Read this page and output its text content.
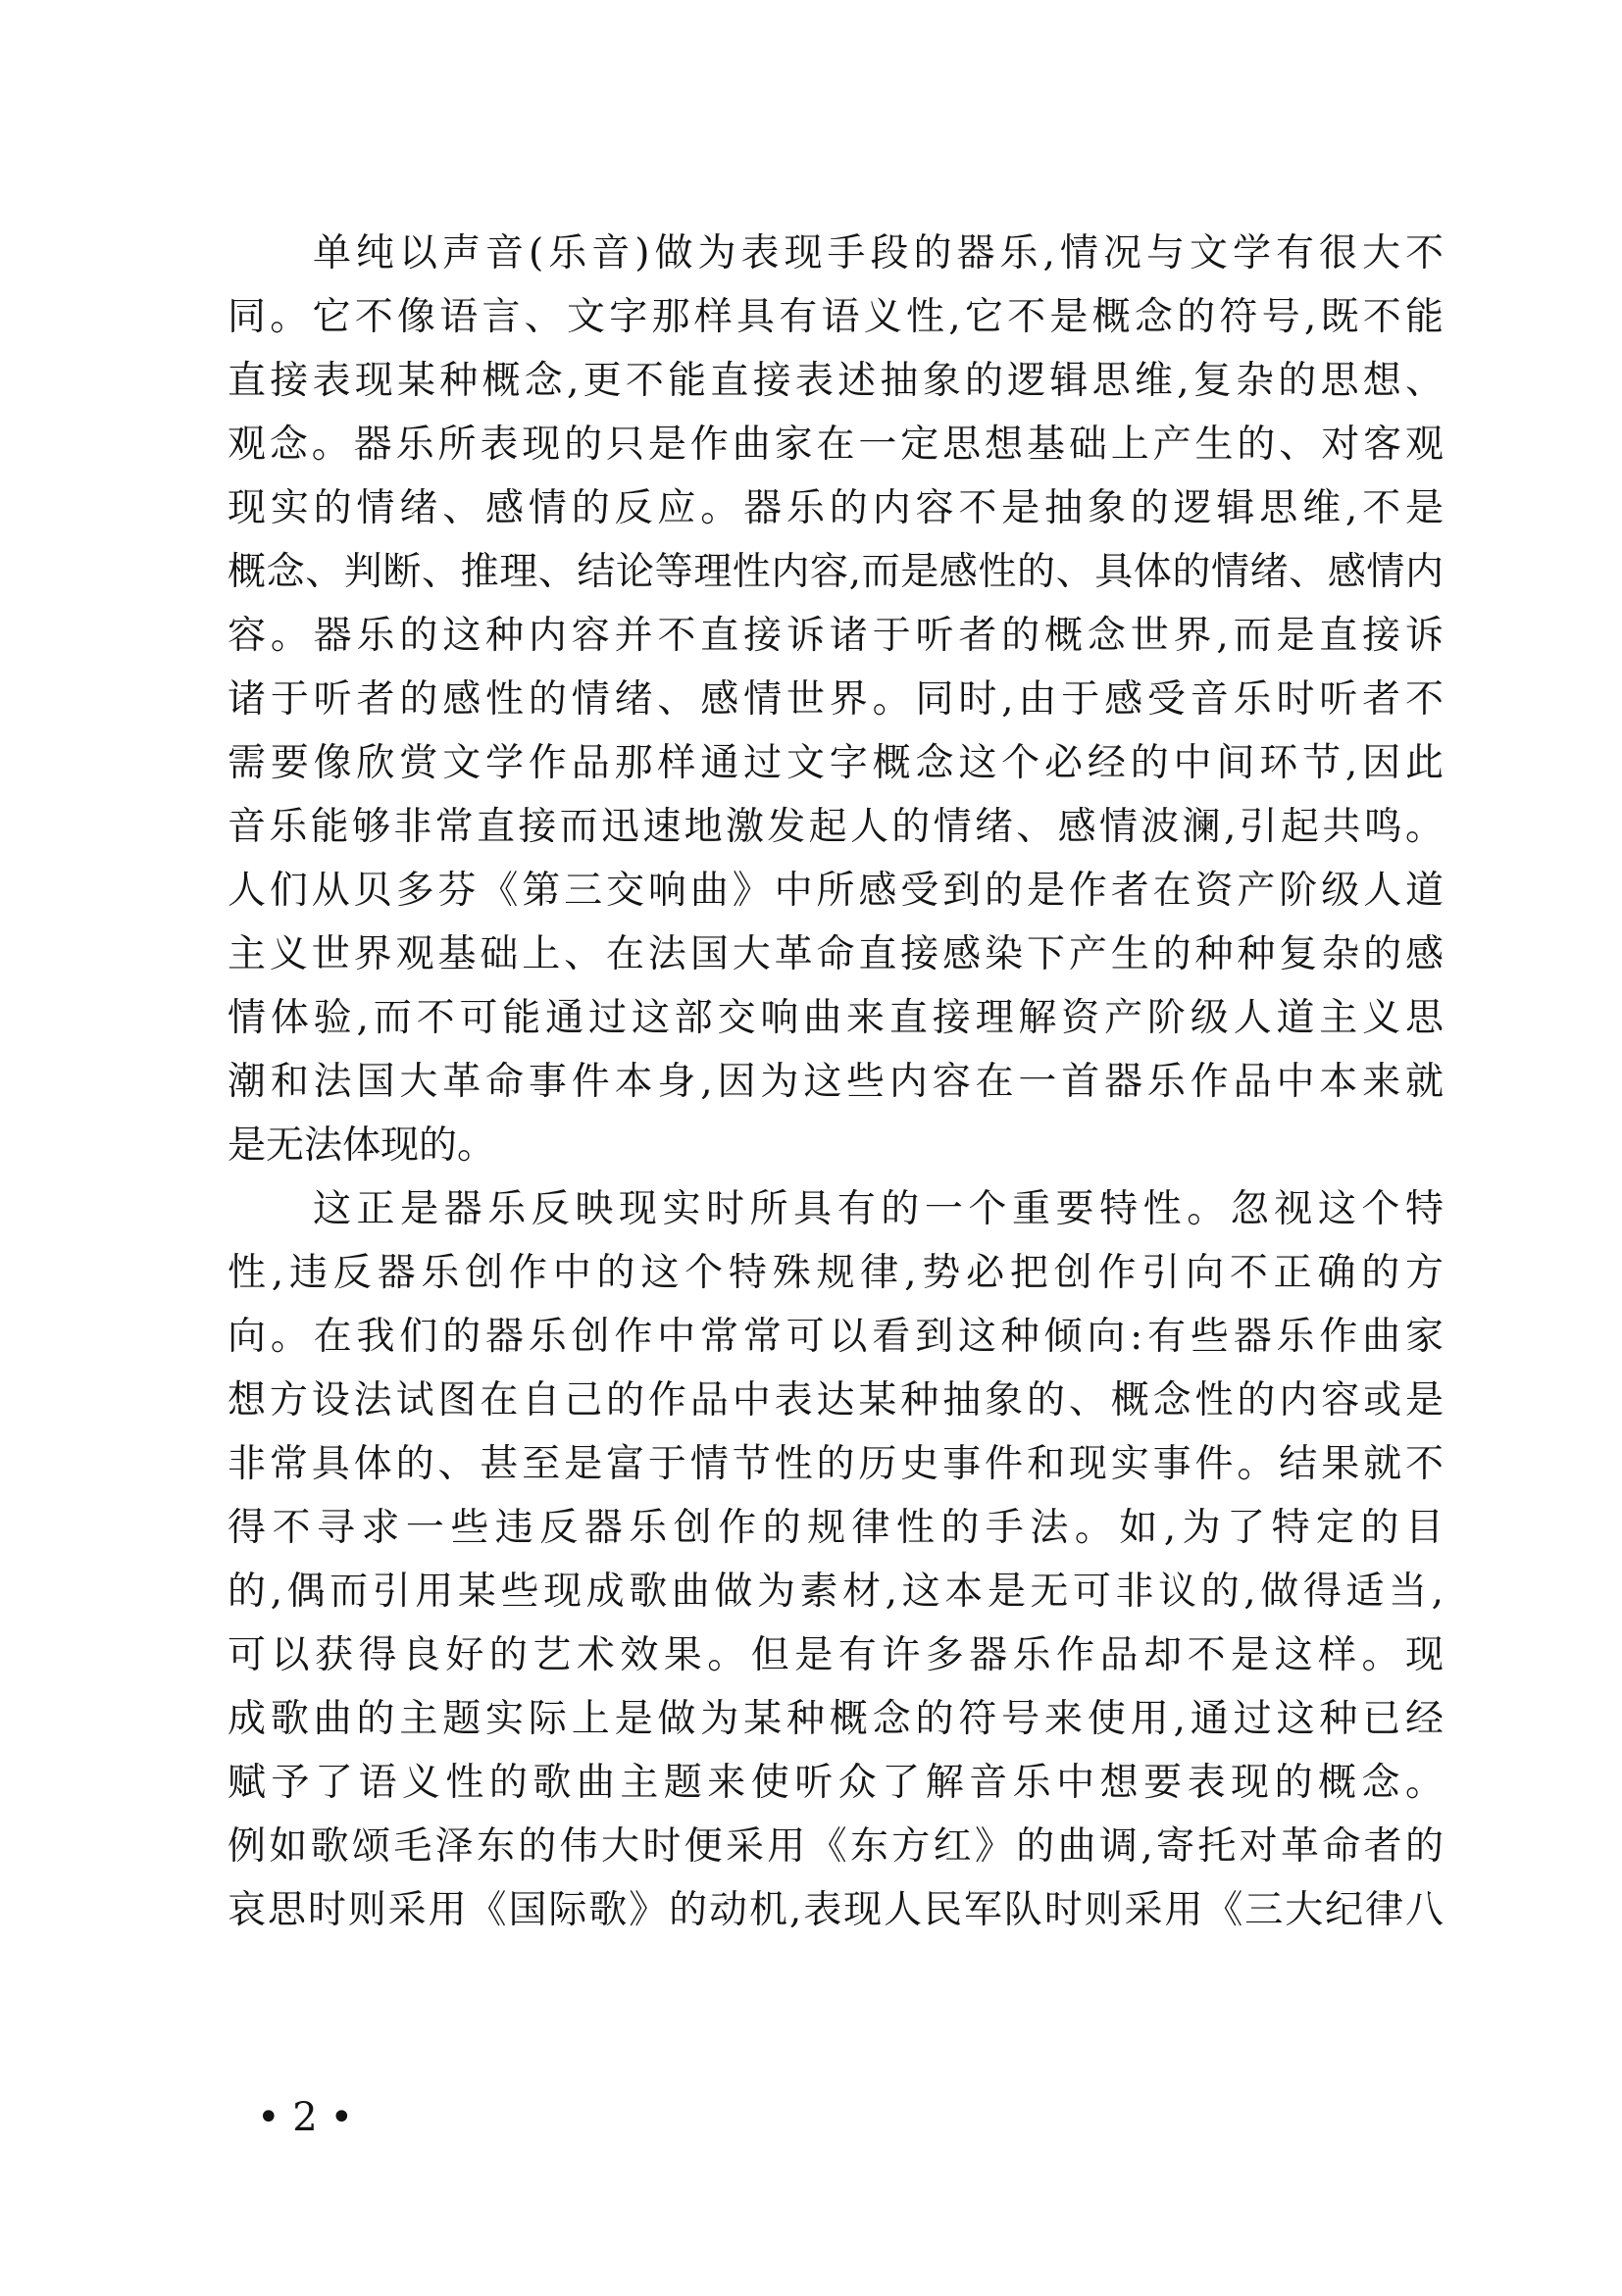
单纯以声音(乐音)做为表现手段的器乐,情况与文学有很大不
同。它不像语言、文字那样具有语义性,它不是概念的符号,既不能
直接表现某种概念,更不能直接表述抽象的逻辑思维,复杂的思想、
观念。器乐所表现的只是作曲家在一定思想基础上产生的、对客观
现实的情绪、感情的反应。器乐的内容不是抽象的逻辑思维,不是
概念、判断、推理、结论等理性内容,而是感性的、具体的情绪、感情内
容。器乐的这种内容并不直接诉诸于听者的概念世界,而是直接诉
诸于听者的感性的情绪、感情世界。同时,由于感受音乐时听者不
需要像欣赏文学作品那样通过文字概念这个必经的中间环节,因此
音乐能够非常直接而迅速地激发起人的情绪、感情波澜,引起共鸣。
人们从贝多芬《第三交响曲》中所感受到的是作者在资产阶级人道
主义世界观基础上、在法国大革命直接感染下产生的种种复杂的感
情体验,而不可能通过这部交响曲来直接理解资产阶级人道主义思
潮和法国大革命事件本身,因为这些内容在一首器乐作品中本来就
是无法体现的。
这正是器乐反映现实时所具有的一个重要特性。忽视这个特
性,违反器乐创作中的这个特殊规律,势必把创作引向不正确的方
向。在我们的器乐创作中常常可以看到这种倾向:有些器乐作曲家
想方设法试图在自己的作品中表达某种抽象的、概念性的内容或是
非常具体的、甚至是富于情节性的历史事件和现实事件。结果就不
得不寻求一些违反器乐创作的规律性的手法。如,为了特定的目
的,偶而引用某些现成歌曲做为素材,这本是无可非议的,做得适当,
可以获得良好的艺术效果。但是有许多器乐作品却不是这样。现
成歌曲的主题实际上是做为某种概念的符号来使用,通过这种已经
赋予了语义性的歌曲主题来使听众了解音乐中想要表现的概念。
例如歌颂毛泽东的伟大时便采用《东方红》的曲调,寄托对革命者的
哀思时则采用《国际歌》的动机,表现人民军队时则采用《三大纪律八
• 2 •
